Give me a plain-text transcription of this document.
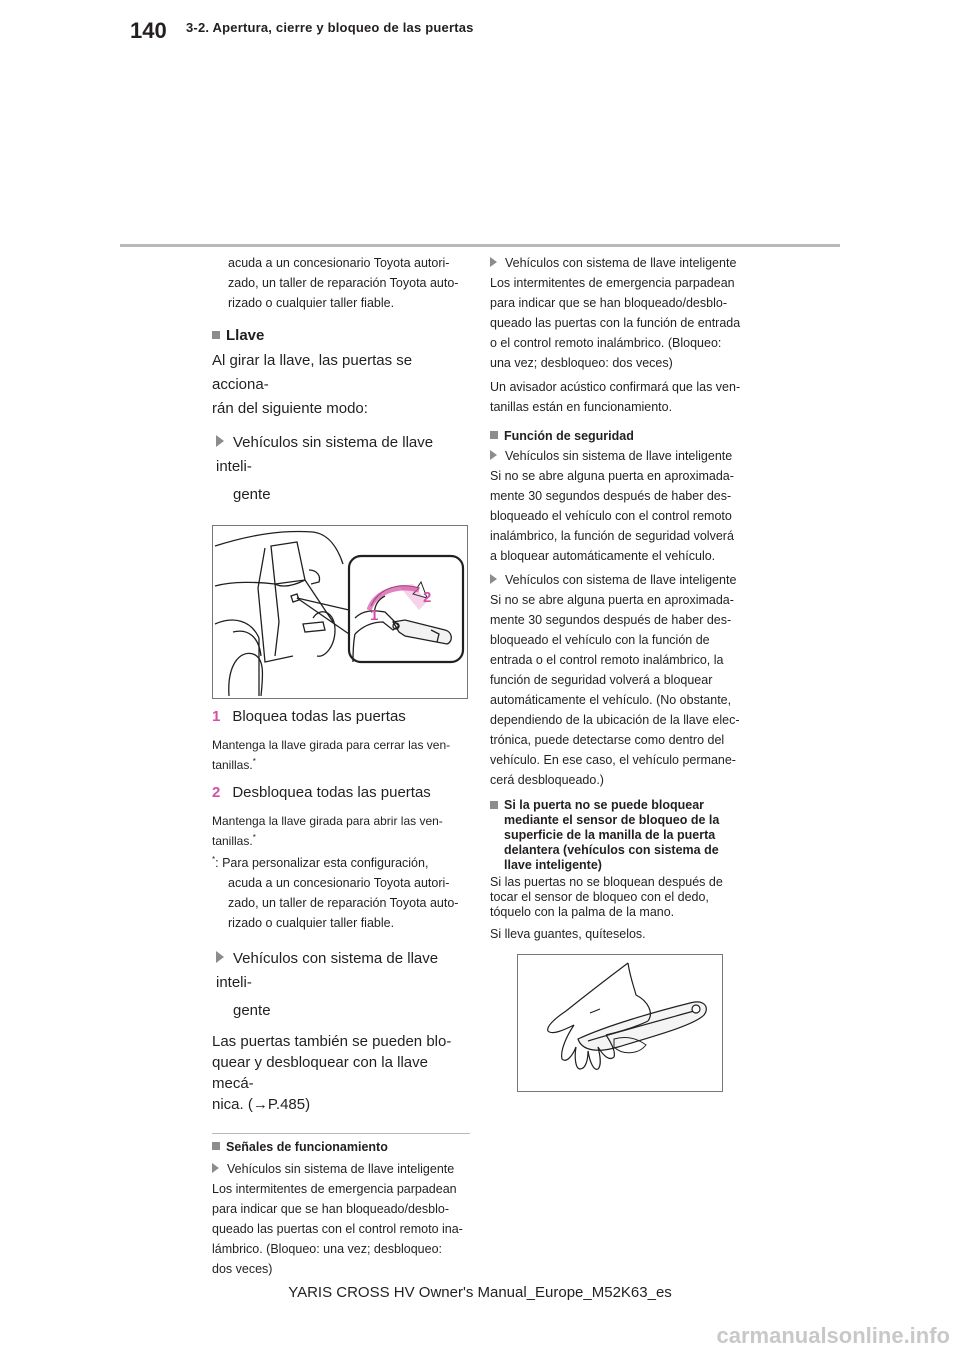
140 3-2. Apertura, cierre y bloqueo de las puertas

acuda a un concesionario Toyota autori-

zado, un taller de reparación Toyota auto-

rizado o cualquier taller fiable.

Llave

Al girar la llave, las puertas se acciona-

rán del siguiente modo:

Vehículos sin sistema de llave inteli-

gente

1
2

1 Bloquea todas las puertas

Mantenga la llave girada para cerrar las ven-

tanillas.*

2 Desbloquea todas las puertas

Mantenga la llave girada para abrir las ven-

tanillas.*

*: Para personalizar esta configuración,

acuda a un concesionario Toyota autori-

zado, un taller de reparación Toyota auto-

rizado o cualquier taller fiable.

Vehículos con sistema de llave inteli-

gente

Las puertas también se pueden blo-

quear y desbloquear con la llave mecá-

nica. (→P.485)

Señales de funcionamiento

Vehículos sin sistema de llave inteligente

Los intermitentes de emergencia parpadean

para indicar que se han bloqueado/desblo-

queado las puertas con el control remoto ina-

lámbrico. (Bloqueo: una vez; desbloqueo:

dos veces)

Vehículos con sistema de llave inteligente

Los intermitentes de emergencia parpadean

para indicar que se han bloqueado/desblo-

queado las puertas con la función de entrada

o el control remoto inalámbrico. (Bloqueo:

una vez; desbloqueo: dos veces)

Un avisador acústico confirmará que las ven-

tanillas están en funcionamiento.

Función de seguridad

Vehículos sin sistema de llave inteligente

Si no se abre alguna puerta en aproximada-

mente 30 segundos después de haber des-

bloqueado el vehículo con el control remoto

inalámbrico, la función de seguridad volverá

a bloquear automáticamente el vehículo.

Vehículos con sistema de llave inteligente

Si no se abre alguna puerta en aproximada-

mente 30 segundos después de haber des-

bloqueado el vehículo con la función de

entrada o el control remoto inalámbrico, la

función de seguridad volverá a bloquear

automáticamente el vehículo. (No obstante,

dependiendo de la ubicación de la llave elec-

trónica, puede detectarse como dentro del

vehículo. En ese caso, el vehículo permane-

cerá desbloqueado.)

Si la puerta no se puede bloquear

mediante el sensor de bloqueo de la

superficie de la manilla de la puerta

delantera (vehículos con sistema de

llave inteligente)

Si las puertas no se bloquean después de

tocar el sensor de bloqueo con el dedo,

tóquelo con la palma de la mano.

Si lleva guantes, quíteselos.

YARIS CROSS HV Owner's Manual_Europe_M52K63_es
carmanualsonline.info
